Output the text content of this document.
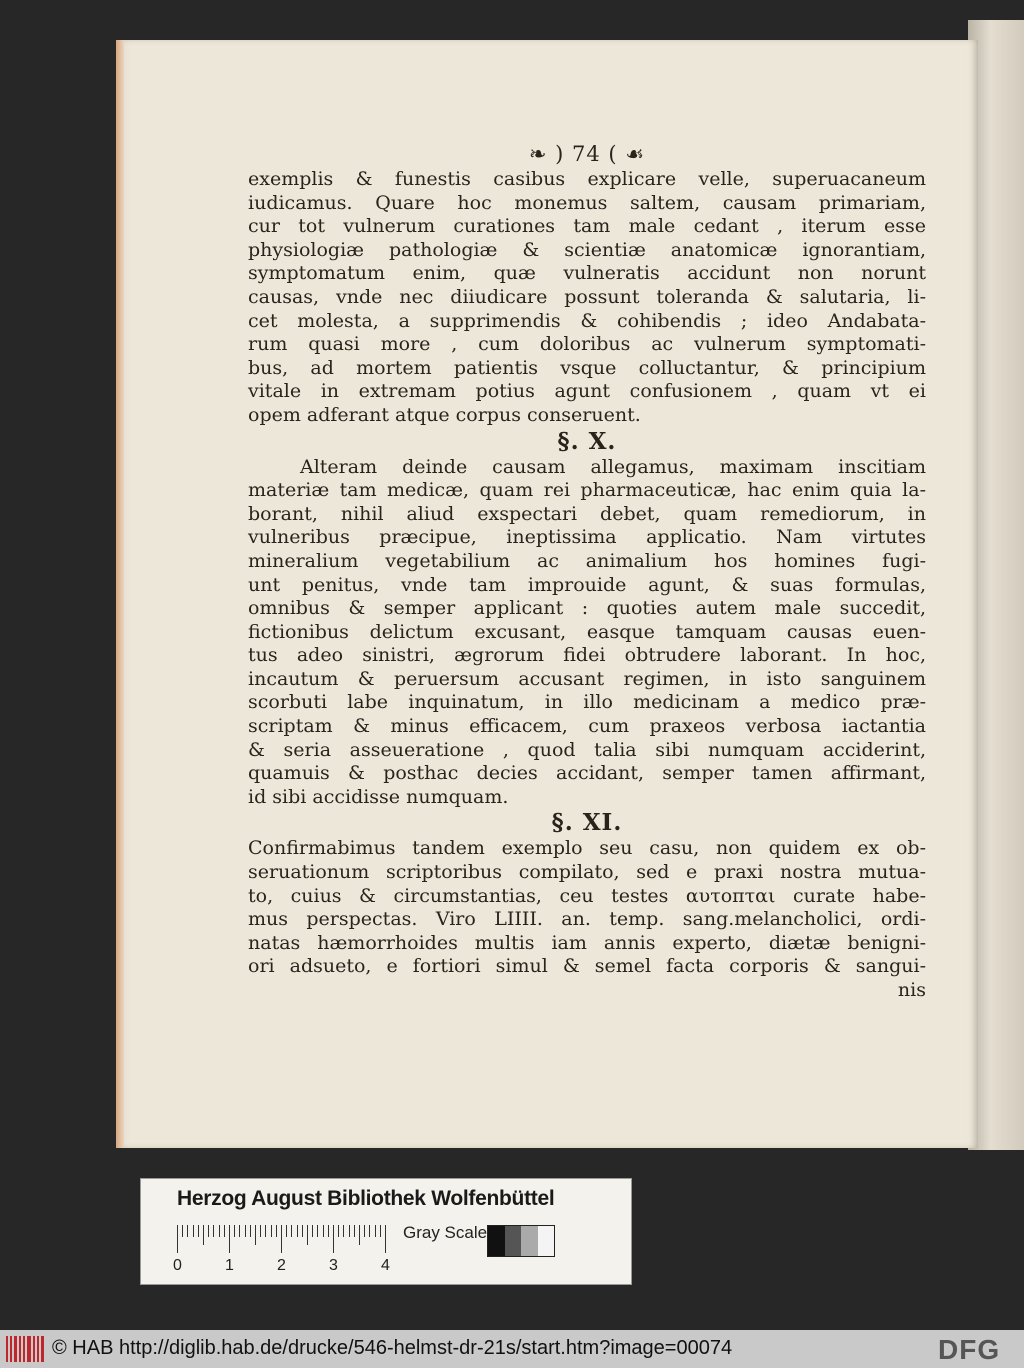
❧ ) 74 ( ☙
exemplis & funestis casibus explicare velle, superuacaneum
iudicamus. Quare hoc monemus saltem, causam primariam,
cur tot vulnerum curationes tam male cedant , iterum esse
physiologiæ pathologiæ & scientiæ anatomicæ ignorantiam,
symptomatum enim, quæ vulneratis accidunt non norunt
causas, vnde nec diiudicare possunt toleranda & salutaria, li-
cet molesta, a supprimendis & cohibendis ; ideo Andabata-
rum quasi more , cum doloribus ac vulnerum symptomati-
bus, ad mortem patientis vsque colluctantur, & principium
vitale in extremam potius agunt confusionem , quam vt ei
opem adferant atque corpus conseruent.
§. X.
Alteram deinde causam allegamus, maximam inscitiam
materiæ tam medicæ, quam rei pharmaceuticæ, hac enim quia la-
borant, nihil aliud exspectari debet, quam remediorum, in
vulneribus præcipue, ineptissima applicatio. Nam virtutes
mineralium vegetabilium ac animalium hos homines fugi-
unt penitus, vnde tam improuide agunt, & suas formulas,
omnibus & semper applicant : quoties autem male succedit,
fictionibus delictum excusant, easque tamquam causas euen-
tus adeo sinistri, ægrorum fidei obtrudere laborant. In hoc,
incautum & peruersum accusant regimen, in isto sanguinem
scorbuti labe inquinatum, in illo medicinam a medico præ-
scriptam & minus efficacem, cum praxeos verbosa iactantia
& seria asseueratione , quod talia sibi numquam acciderint,
quamuis & posthac decies accidant, semper tamen affirmant,
id sibi accidisse numquam.
§. XI.
Confirmabimus tandem exemplo seu casu, non quidem ex ob-
seruationum scriptoribus compilato, sed e praxi nostra mutua-
to, cuius & circumstantias, ceu testes αυτοπται curate habe-
mus perspectas. Viro LIIII. an. temp. sang.melancholici, ordi-
natas hæmorrhoides multis iam annis experto, diætæ benigni-
ori adsueto, e fortiori simul & semel facta corporis & sangui-
nis
Herzog August Bibliothek Wolfenbüttel
0	1	2	3	4
Gray Scale
© HAB http://diglib.hab.de/drucke/546-helmst-dr-21s/start.htm?image=00074	DFG
